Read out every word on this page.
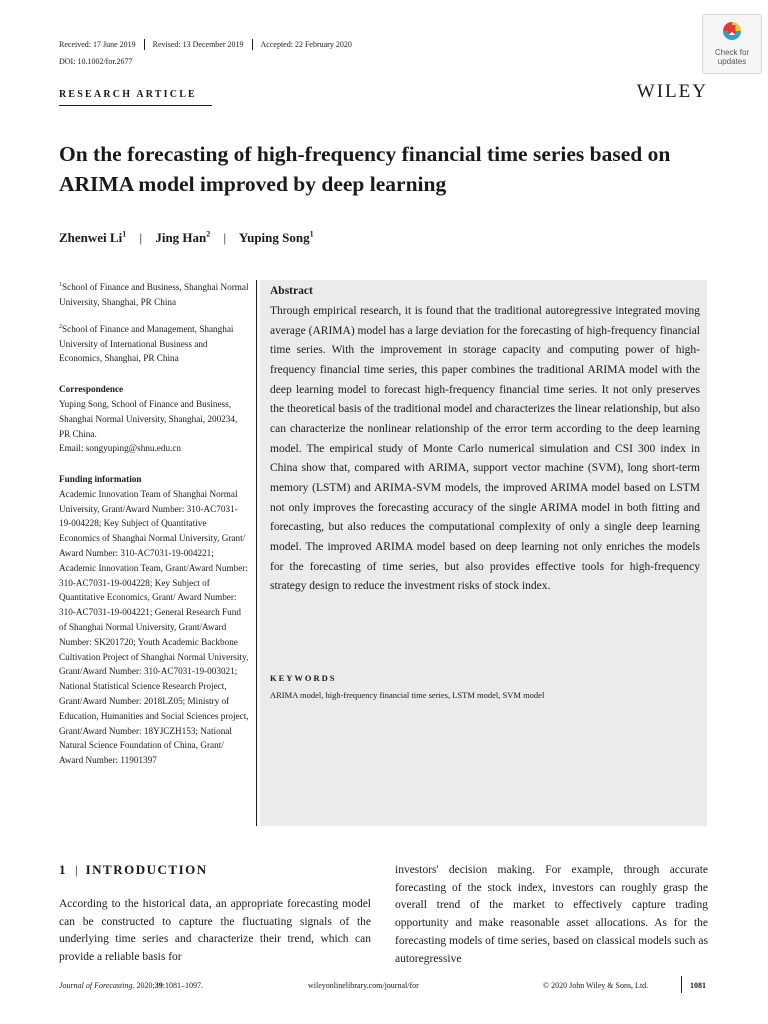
Received: 17 June 2019 Revised: 13 December 2019 Accepted: 22 February 2020
DOI: 10.1002/for.2677
Check for
updates
WILEY
RESEARCH ARTICLE
On the forecasting of high-frequency financial time series based on ARIMA model improved by deep learning
Zhenwei Li$^1$ | Jing Han$^2$ | Yuping Song$^1$

$^1$School of Finance and Business, Shanghai Normal University, Shanghai, PR China

$^2$School of Finance and Management, Shanghai University of International Business and Economics, Shanghai, PR China

Correspondence
Yuping Song, School of Finance and Business, Shanghai Normal University, Shanghai, 200234, PR China.
Email: songyuping@shnu.edu.cn

Funding information
Academic Innovation Team of Shanghai Normal University, Grant/Award Number: 310-AC7031-19-004228; Key Subject of Quantitative Economics of Shanghai Normal University, Grant/ Award Number: 310-AC7031-19-004221; Academic Innovation Team, Grant/Award Number: 310-AC7031-19-004228; Key Subject of Quantitative Economics, Grant/ Award Number: 310-AC7031-19-004221; General Research Fund of Shanghai Normal University, Grant/Award Number: SK201720; Youth Academic Backbone Cultivation Project of Shanghai Normal University, Grant/Award Number: 310-AC7031-19-003021; National Statistical Science Research Project, Grant/Award Number: 2018LZ05; Ministry of Education, Humanities and Social Sciences project, Grant/Award Number: 18YJCZH153; National Natural Science Foundation of China, Grant/ Award Number: 11901397

Abstract

Through empirical research, it is found that the traditional autoregressive integrated moving average (ARIMA) model has a large deviation for the forecasting of high-frequency financial time series. With the improvement in storage capacity and computing power of high-frequency financial time series, this paper combines the traditional ARIMA model with the deep learning model to forecast high-frequency financial time series. It not only preserves the theoretical basis of the traditional model and characterizes the linear relationship, but also can characterize the nonlinear relationship of the error term according to the deep learning model. The empirical study of Monte Carlo numerical simulation and CSI 300 index in China show that, compared with ARIMA, support vector machine (SVM), long short-term memory (LSTM) and ARIMA-SVM models, the improved ARIMA model based on LSTM not only improves the forecasting accuracy of the single ARIMA model in both fitting and forecasting, but also reduces the computational complexity of only a single deep learning model. The improved ARIMA model based on deep learning not only enriches the models for the forecasting of time series, but also provides effective tools for high-frequency strategy design to reduce the investment risks of stock index.

KEYWORDS
ARIMA model, high-frequency financial time series, LSTM model, SVM model
1 | INTRODUCTION

According to the historical data, an appropriate forecasting model can be constructed to capture the fluctuating signals of the underlying time series and characterize their trend, which can provide a reliable basis for

investors' decision making. For example, through accurate forecasting of the stock index, investors can roughly grasp the overall trend of the market to effectively capture trading opportunity and make reasonable asset allocations. As for the forecasting models of time series, based on classical models such as autoregressive

Journal of Forecasting. 2020;39:1081–1097.	wileyonlinelibrary.com/journal/for	© 2020 John Wiley & Sons, Ltd.	1081
